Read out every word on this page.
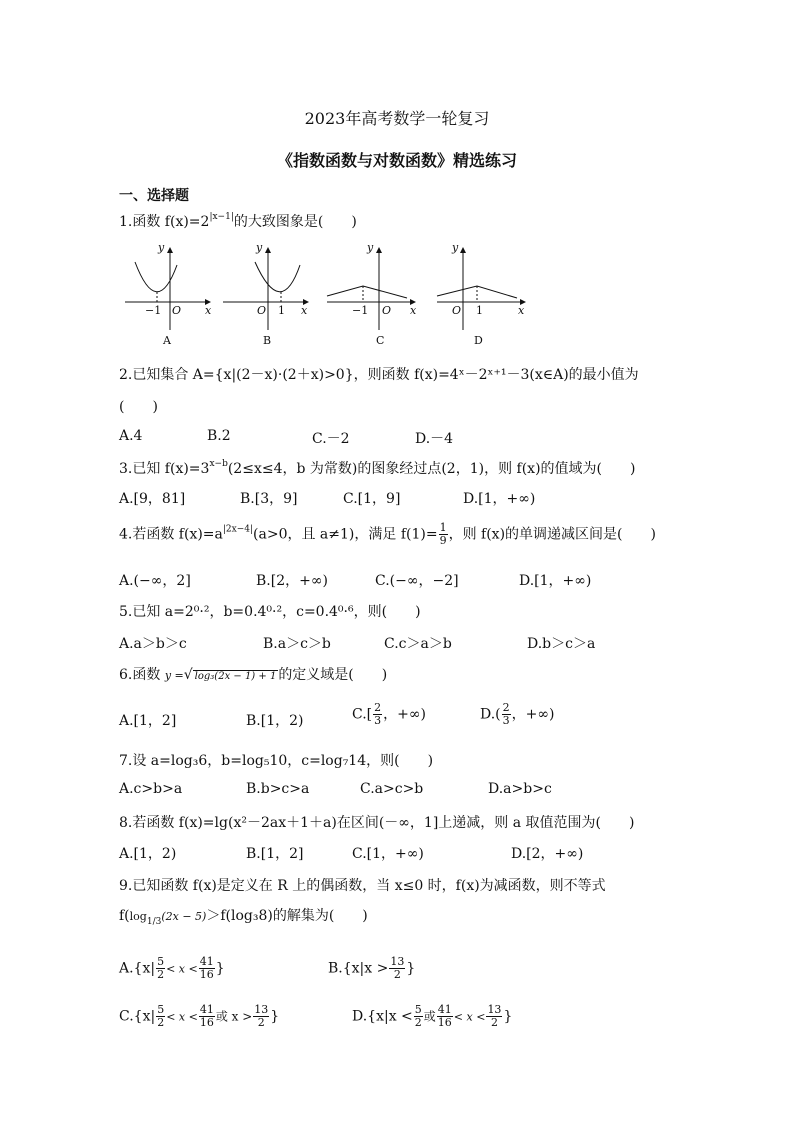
2023年高考数学一轮复习
《指数函数与对数函数》精选练习
一、选择题
1.函数 $f(x)=2^{|x-1|}$的大致图象是(　　)
y
x
O
−1
A
y
x
O 1
B
y
x
O
−1
C
y
x
O 1
D
2.已知集合 A={x|(2－x)·(2＋x)>0}，则函数 f(x)=4ˣ－2ˣ⁺¹－3(x∈A)的最小值为
(　　)
A.4	B.2	C.－2	D.－4
3.已知 $f(x)=3^{x-b}(2\le x\le 4$，b 为常数)的图象经过点(2，1)，则 f(x)的值域为(　　)
A.[9，81]	B.[3，9]	C.[1，9]	D.[1，+∞)
4.若函数 $f(x)=a^{|2x-4|}(a>0$，且 a≠1)，满足 $f(1)= \frac{1}{9}$ ，则 f(x)的单调递减区间是(　　)
A.(−∞，2]	B.[2，+∞)	C.(−∞，−2]	D.[1，+∞)
5.已知 a=2⁰·²，b=0.4⁰·²，c=0.4⁰·⁶，则(　　)
A.a＞b＞c	B.a＞c＞b	C.c＞a＞b	D.b＞c＞a
6.函数 y =√ log₃(2x − 1) + 1 的定义域是(　　)
A.[1，2]	B.[1，2)	$C.[ \frac{2}{3}$ ，+∞)	$D.( \frac{2}{3}$ ，+∞)
7.设 a=log₃6，b=log₅10，c=log₇14，则(　　)
A.c>b>a	B.b>c>a	C.a>c>b	D.a>b>c
8.若函数 f(x)=lg(x²－2ax＋1＋a)在区间(－∞，1]上递减，则 a 取值范围为(　　)
A.[1，2)	B.[1，2]	C.[1，+∞)	D.[2，+∞)
9.已知函数 f(x)是定义在 R 上的偶函数，当 x≤0 时，f(x)为减函数，则不等式
$f(\log_{1/3}(2x - 5)>f(\log_38)$的解集为(　　)
$A.\{x| \frac{5}{2} < x < \frac{41}{16}$ }	$B.\{x|x > \frac{13}{2}$ }
$C.\{x| \frac{5}{2} < x < \frac{41}{16}$ 或 $x > \frac{13}{2}$ }	$D.\{x|x < \frac{5}{2}$ 或 $\frac{41}{16} < x < \frac{13}{2}$ }
